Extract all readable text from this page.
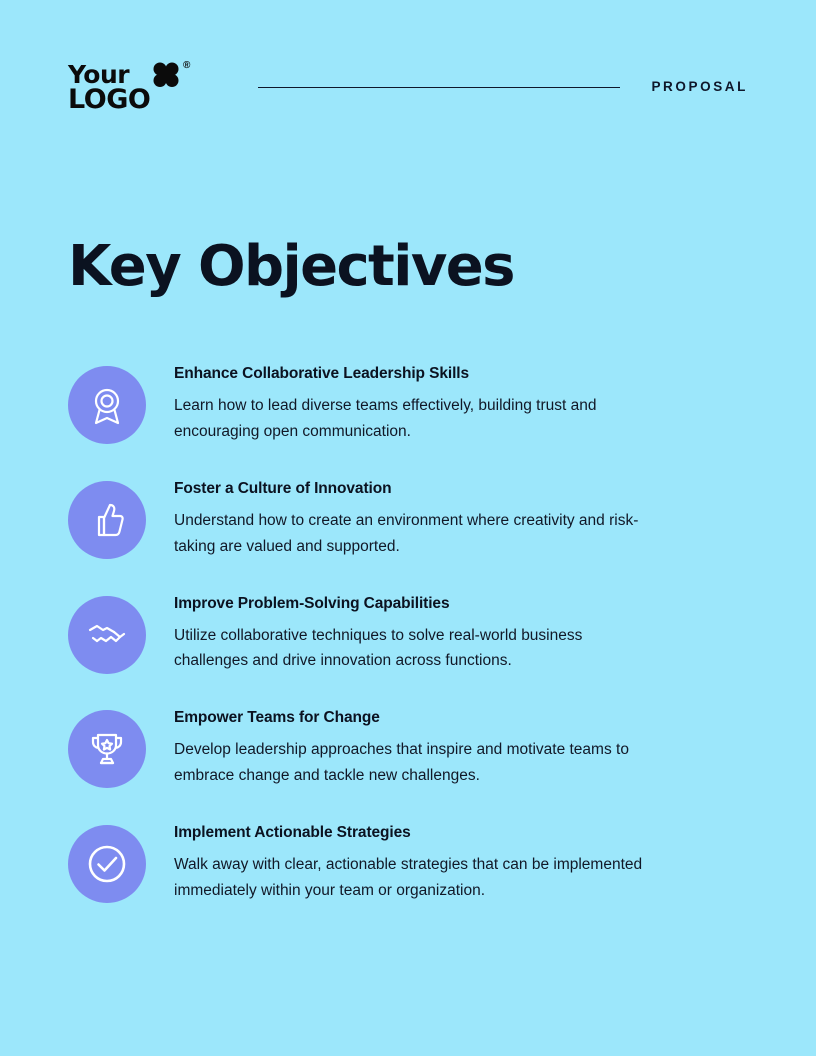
Your
LOGO
®
PROPOSAL
Key Objectives

Enhance Collaborative Leadership Skills

Learn how to lead diverse teams effectively, building trust and encouraging open communication.

Foster a Culture of Innovation

Understand how to create an environment where creativity and risk-taking are valued and supported.

Improve Problem-Solving Capabilities

Utilize collaborative techniques to solve real-world business challenges and drive innovation across functions.

Empower Teams for Change

Develop leadership approaches that inspire and motivate teams to embrace change and tackle new challenges.

Implement Actionable Strategies

Walk away with clear, actionable strategies that can be implemented immediately within your team or organization.
